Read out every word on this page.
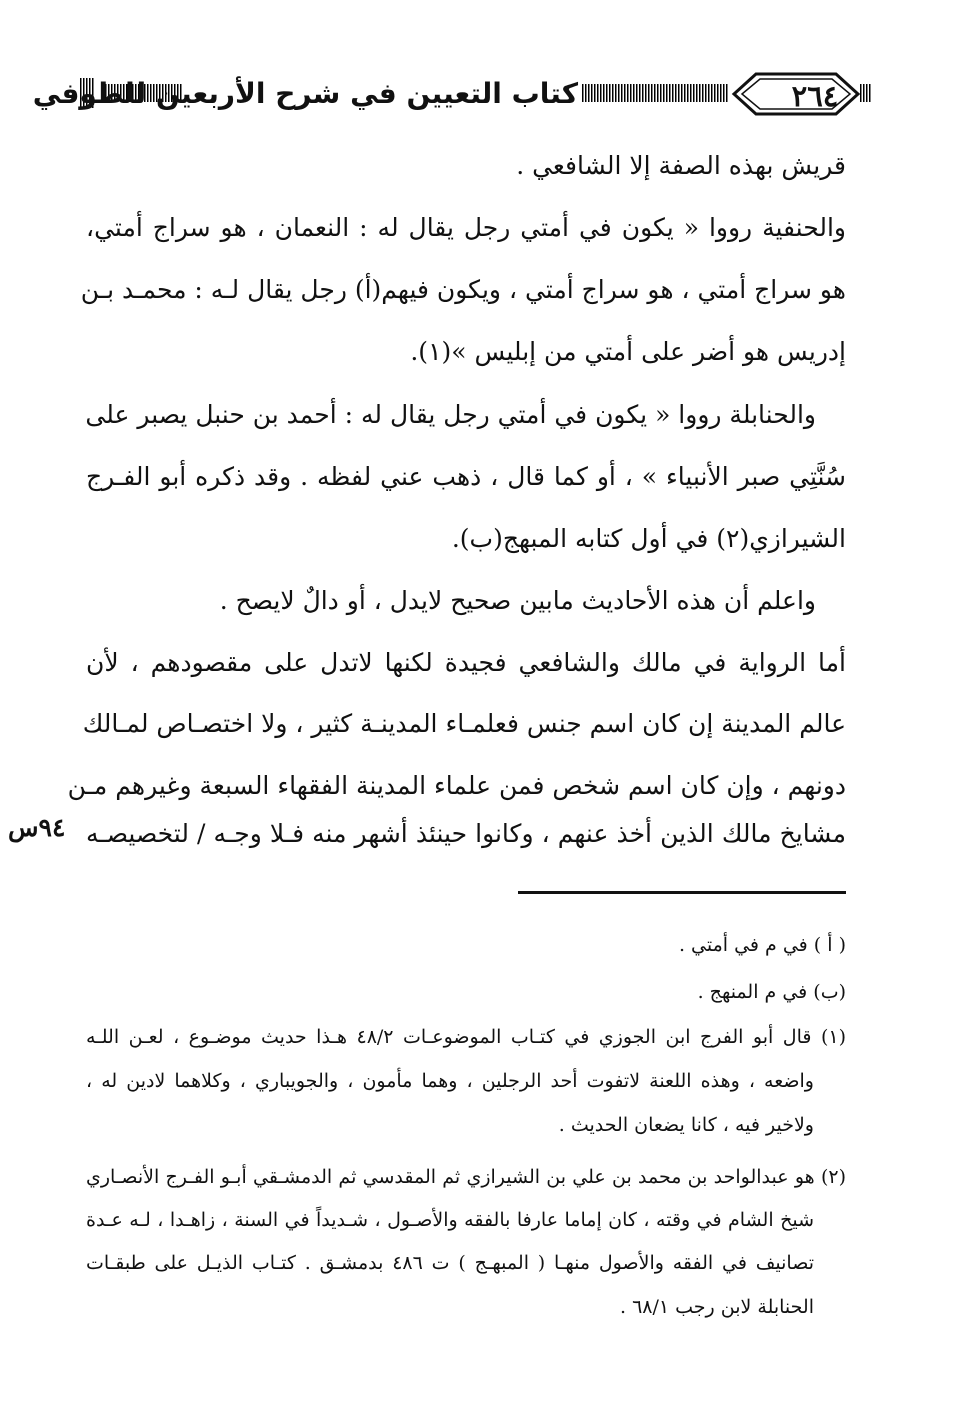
كتاب التعيين في شرح الأربعين للطوفي	٢٦٤
قريش بهذه الصفة إلا الشافعي .
والحنفية رووا « يكون في أمتي رجل يقال له : النعمان ، هو سراج أمتي،
هو سراج أمتي ، هو سراج أمتي ، ويكون فيهم(أ) رجل يقال لـه : محمـد بـن
إدريس هو أضر على أمتي من إبليس »(١).
والحنابلة رووا « يكون في أمتي رجل يقال له : أحمد بن حنبل يصبر على
سُنَّتِي صبر الأنبياء » ، أو كما قال ، ذهب عني لفظه . وقد ذكره أبو الفـرج
الشيرازي(٢) في أول كتابه المبهج(ب).
واعلم أن هذه الأحاديث مابين صحيح لايدل ، أو دالٌ لايصح .
أما الرواية في مالك والشافعي فجيدة لكنها لاتدل على مقصودهم ، لأن
عالم المدينة إن كان اسم جنس فعلمـاء المدينـة كثير ، ولا اختصـاص لمـالك
دونهم ، وإن كان اسم شخص فمن علماء المدينة الفقهاء السبعة وغيرهم مـن
مشايخ مالك الذين أخذ عنهم ، وكانوا حينئذ أشهر منه فـلا وجـه / لتخصيصـه
٩٤س
( أ ) في م في أمتي .
(ب) في م المنهج .
(١) قال أبو الفرج ابن الجوزي في كتـاب الموضوعـات ٤٨/٢ هـذا حديث موضـوع ، لعـن اللـه
واضعه ، وهذه اللعنة لاتفوت أحد الرجلين ، وهما مأمون ، والجويباري ، وكلاهما لادين له ،
ولاخير فيه ، كانا يضعان الحديث .
(٢) هو عبدالواحد بن محمد بن علي بن الشيرازي ثم المقدسي ثم الدمشـقي أبـو الفـرج الأنصـاري
شيخ الشام في وقته ، كان إماما عارفا بالفقه والأصـول ، شـديداً في السنة ، زاهـدا ، لـه عـدة
تصانيف في الفقه والأصول منهـا ( المبهـج ) ت ٤٨٦ بدمشـق . كتـاب الذيـل على طبقـات
الحنابلة لابن رجب ٦٨/١ .
